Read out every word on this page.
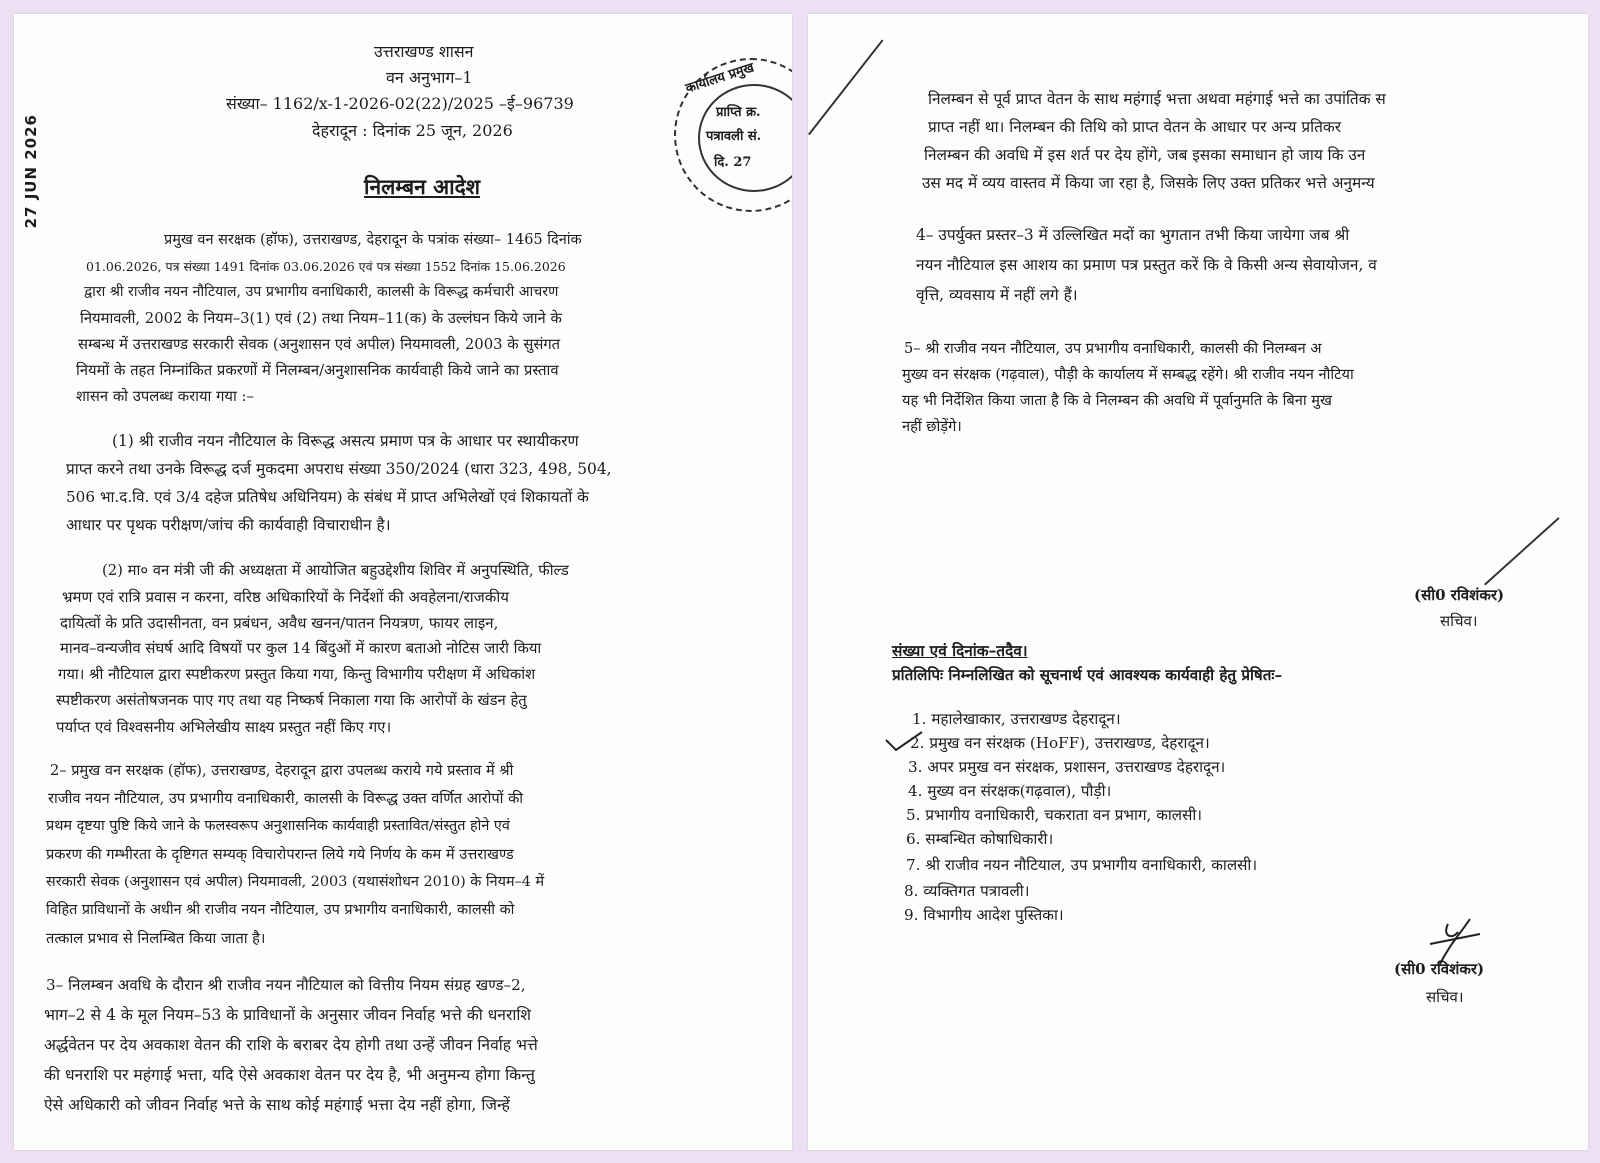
27 JUN 2026
उत्तराखण्ड शासन
वन अनुभाग–1
संख्या– 1162/x-1-2026-02(22)/2025 –ई–96739
देहरादून : दिनांक 25 जून, 2026
कार्यालय प्रमुख
प्राप्ति क्र.
पत्रावली सं.
दि. 27
निलम्बन आदेश
प्रमुख वन सरक्षक (हॉफ), उत्तराखण्ड, देहरादून के पत्रांक संख्या– 1465 दिनांक
01.06.2026, पत्र संख्या 1491 दिनांक 03.06.2026 एवं पत्र संख्या 1552 दिनांक 15.06.2026
द्वारा श्री राजीव नयन नौटियाल, उप प्रभागीय वनाधिकारी, कालसी के विरूद्ध कर्मचारी आचरण
नियमावली, 2002 के नियम–3(1) एवं (2) तथा नियम–11(क) के उल्लंघन किये जाने के
सम्बन्ध में उत्तराखण्ड सरकारी सेवक (अनुशासन एवं अपील) नियमावली, 2003 के सुसंगत
नियमों के तहत निम्नांकित प्रकरणों में निलम्बन/अनुशासनिक कार्यवाही किये जाने का प्रस्ताव
शासन को उपलब्ध कराया गया :–
(1) श्री राजीव नयन नौटियाल के विरूद्ध असत्य प्रमाण पत्र के आधार पर स्थायीकरण
प्राप्त करने तथा उनके विरूद्ध दर्ज मुकदमा अपराध संख्या 350/2024 (धारा 323, 498, 504,
506 भा.द.वि. एवं 3/4 दहेज प्रतिषेध अधिनियम) के संबंध में प्राप्त अभिलेखों एवं शिकायतों के
आधार पर पृथक परीक्षण/जांच की कार्यवाही विचाराधीन है।
(2) मा० वन मंत्री जी की अध्यक्षता में आयोजित बहुउद्देशीय शिविर में अनुपस्थिति, फील्ड
भ्रमण एवं रात्रि प्रवास न करना, वरिष्ठ अधिकारियों के निर्देशों की अवहेलना/राजकीय
दायित्वों के प्रति उदासीनता, वन प्रबंधन, अवैध खनन/पातन नियत्रण, फायर लाइन,
मानव–वन्यजीव संघर्ष आदि विषयों पर कुल 14 बिंदुओं में कारण बताओ नोटिस जारी किया
गया। श्री नौटियाल द्वारा स्पष्टीकरण प्रस्तुत किया गया, किन्तु विभागीय परीक्षण में अधिकांश
स्पष्टीकरण असंतोषजनक पाए गए तथा यह निष्कर्ष निकाला गया कि आरोपों के खंडन हेतु
पर्याप्त एवं विश्वसनीय अभिलेखीय साक्ष्य प्रस्तुत नहीं किए गए।
2– प्रमुख वन सरक्षक (हॉफ), उत्तराखण्ड, देहरादून द्वारा उपलब्ध कराये गये प्रस्ताव में श्री
राजीव नयन नौटियाल, उप प्रभागीय वनाधिकारी, कालसी के विरूद्ध उक्त वर्णित आरोपों की
प्रथम दृष्टया पुष्टि किये जाने के फलस्वरूप अनुशासनिक कार्यवाही प्रस्तावित/संस्तुत होने एवं
प्रकरण की गम्भीरता के दृष्टिगत सम्यक् विचारोपरान्त लिये गये निर्णय के कम में उत्तराखण्ड
सरकारी सेवक (अनुशासन एवं अपील) नियमावली, 2003 (यथासंशोधन 2010) के नियम–4 में
विहित प्राविधानों के अधीन श्री राजीव नयन नौटियाल, उप प्रभागीय वनाधिकारी, कालसी को
तत्काल प्रभाव से निलम्बित किया जाता है।
3– निलम्बन अवधि के दौरान श्री राजीव नयन नौटियाल को वित्तीय नियम संग्रह खण्ड–2,
भाग–2 से 4 के मूल नियम–53 के प्राविधानों के अनुसार जीवन निर्वाह भत्ते की धनराशि
अर्द्धवेतन पर देय अवकाश वेतन की राशि के बराबर देय होगी तथा उन्हें जीवन निर्वाह भत्ते
की धनराशि पर महंगाई भत्ता, यदि ऐसे अवकाश वेतन पर देय है, भी अनुमन्य होगा किन्तु
ऐसे अधिकारी को जीवन निर्वाह भत्ते के साथ कोई महंगाई भत्ता देय नहीं होगा, जिन्हें
निलम्बन से पूर्व प्राप्त वेतन के साथ महंगाई भत्ता अथवा महंगाई भत्ते का उपांतिक स
प्राप्त नहीं था। निलम्बन की तिथि को प्राप्त वेतन के आधार पर अन्य प्रतिकर
निलम्बन की अवधि में इस शर्त पर देय होंगे, जब इसका समाधान हो जाय कि उन
उस मद में व्यय वास्तव में किया जा रहा है, जिसके लिए उक्त प्रतिकर भत्ते अनुमन्य
4– उपर्युक्त प्रस्तर–3 में उल्लिखित मदों का भुगतान तभी किया जायेगा जब श्री
नयन नौटियाल इस आशय का प्रमाण पत्र प्रस्तुत करें कि वे किसी अन्य सेवायोजन, व
वृत्ति, व्यवसाय में नहीं लगे हैं।
5– श्री राजीव नयन नौटियाल, उप प्रभागीय वनाधिकारी, कालसी की निलम्बन अ
मुख्य वन संरक्षक (गढ़वाल), पौड़ी के कार्यालय में सम्बद्ध रहेंगे। श्री राजीव नयन नौटिया
यह भी निर्देशित किया जाता है कि वे निलम्बन की अवधि में पूर्वानुमति के बिना मुख
नहीं छोड़ेंगे।
(सी0 रविशंकर)
सचिव।
संख्या एवं दिनांक–तदैव।
प्रतिलिपिः निम्नलिखित को सूचनार्थ एवं आवश्यक कार्यवाही हेतु प्रेषितः–
1. महालेखाकार, उत्तराखण्ड देहरादून।
2. प्रमुख वन संरक्षक (HoFF), उत्तराखण्ड, देहरादून।
3. अपर प्रमुख वन संरक्षक, प्रशासन, उत्तराखण्ड देहरादून।
4. मुख्य वन संरक्षक(गढ़वाल), पौड़ी।
5. प्रभागीय वनाधिकारी, चकराता वन प्रभाग, कालसी।
6. सम्बन्धित कोषाधिकारी।
7. श्री राजीव नयन नौटियाल, उप प्रभागीय वनाधिकारी, कालसी।
8. व्यक्तिगत पत्रावली।
9. विभागीय आदेश पुस्तिका।
(सी0 रविशंकर)
सचिव।
